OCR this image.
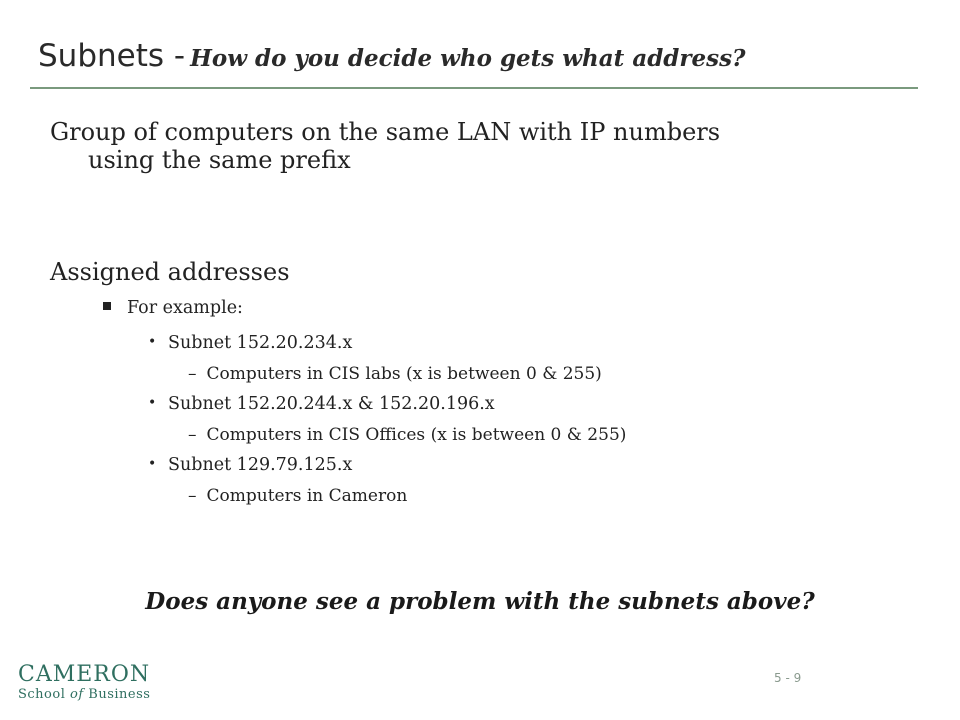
Subnets - How do you decide who gets what address?
Group of computers on the same LAN with IP numbers
using the same prefix
Assigned addresses
For example:
• Subnet 152.20.234.x
– Computers in CIS labs (x is between 0 & 255)
• Subnet 152.20.244.x & 152.20.196.x
– Computers in CIS Offices (x is between 0 & 255)
• Subnet 129.79.125.x
– Computers in Cameron
Does anyone see a problem with the subnets above?
CAMERON
School of Business
5 - 9
